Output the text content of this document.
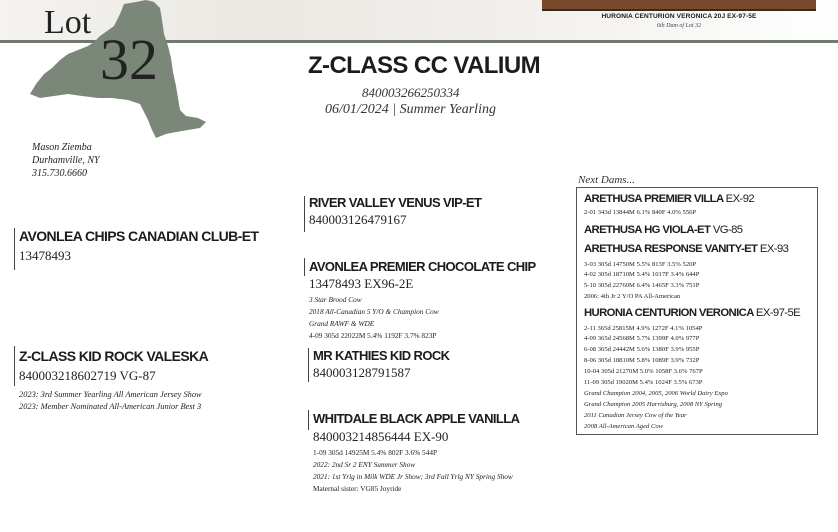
HURONIA CENTURION VERONICA 20J EX-97-5E
6th Dam of Lot 32
Lot
32	Z-CLASS CC VALIUM
840003266250334
06/01/2024 | Summer Yearling
Mason Ziemba
Durhamville, NY
315.730.6660
AVONLEA CHIPS CANADIAN CLUB-ET
13478493
Z-CLASS KID ROCK VALESKA
840003218602719 VG-87
2023: 3rd Summer Yearling All American Jersey Show
2023: Member Nominated All-American Junior Best 3
RIVER VALLEY VENUS VIP-ET
840003126479167
AVONLEA PREMIER CHOCOLATE CHIP
13478493 EX96-2E
3 Star Brood Cow
2018 All-Canadian 5 Y/O & Champion Cow
Grand RAWF & WDE
4-09 305d 22022M 5.4% 1192F 3.7% 823P
MR KATHIES KID ROCK
840003128791587
WHITDALE BLACK APPLE VANILLA
840003214856444 EX-90
1-09 305d 14925M 5.4% 802F 3.6% 544P
2022: 2nd Sr 2 ENY Summer Show
2021: 1st Yrlg in Milk WDE Jr Show; 3rd Fall Yrlg NY Spring Show
Maternal sister: VG85 Joyride
Next Dams...
ARETHUSA PREMIER VILLA EX-92
2-01 343d 13844M 6.1% 840F 4.0% 556P
ARETHUSA HG VIOLA-ET VG-85
ARETHUSA RESPONSE VANITY-ET EX-93
3-03 305d 14750M 5.5% 813F 3.5% 520P
4-02 305d 18710M 5.4% 1017F 3.4% 644P
5-10 305d 22760M 6.4% 1465F 3.3% 751P
2006: 4th Jr 2 Y/O PA All-American
HURONIA CENTURION VERONICA EX-97-5E
2-11 365d 25815M 4.9% 1272F 4.1% 1054P
4-09 365d 24568M 5.7% 1399F 4.0% 977P
6-08 365d 24442M 5.6% 1380F 3.9% 955P
8-06 305d 18810M 5.8% 1089F 3.9% 732P
10-04 305d 21270M 5.0% 1058F 3.6% 767P
11-09 305d 19020M 5.4% 1024F 3.5% 673P
Grand Champion 2004, 2005, 2006 World Dairy Expo
Grand Champion 2005 Harrisburg, 2008 NY Spring
2011 Canadian Jersey Cow of the Year
2008 All-American Aged Cow
